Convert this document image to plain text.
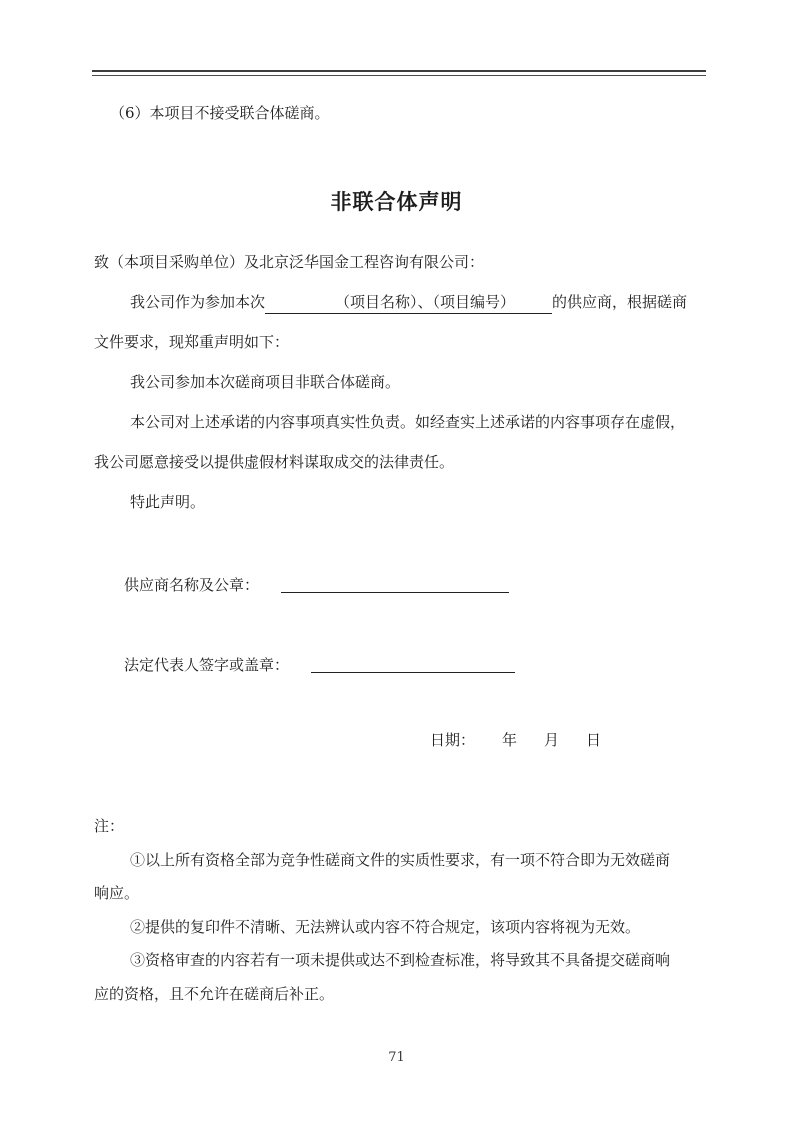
（6）本项目不接受联合体磋商。
非联合体声明
致（本项目采购单位）及北京泛华国金工程咨询有限公司：
我公司作为参加本次	（项目名称）、（项目编号） 的供应商，根据磋商
文件要求，现郑重声明如下：
我公司参加本次磋商项目非联合体磋商。
本公司对上述承诺的内容事项真实性负责。如经查实上述承诺的内容事项存在虚假，
我公司愿意接受以提供虚假材料谋取成交的法律责任。
特此声明。
供应商名称及公章：
法定代表人签字或盖章：
日期： 年 月 日
注：
①以上所有资格全部为竞争性磋商文件的实质性要求，有一项不符合即为无效磋商
响应。
②提供的复印件不清晰、无法辨认或内容不符合规定，该项内容将视为无效。
③资格审查的内容若有一项未提供或达不到检查标准，将导致其不具备提交磋商响
应的资格，且不允许在磋商后补正。
71
